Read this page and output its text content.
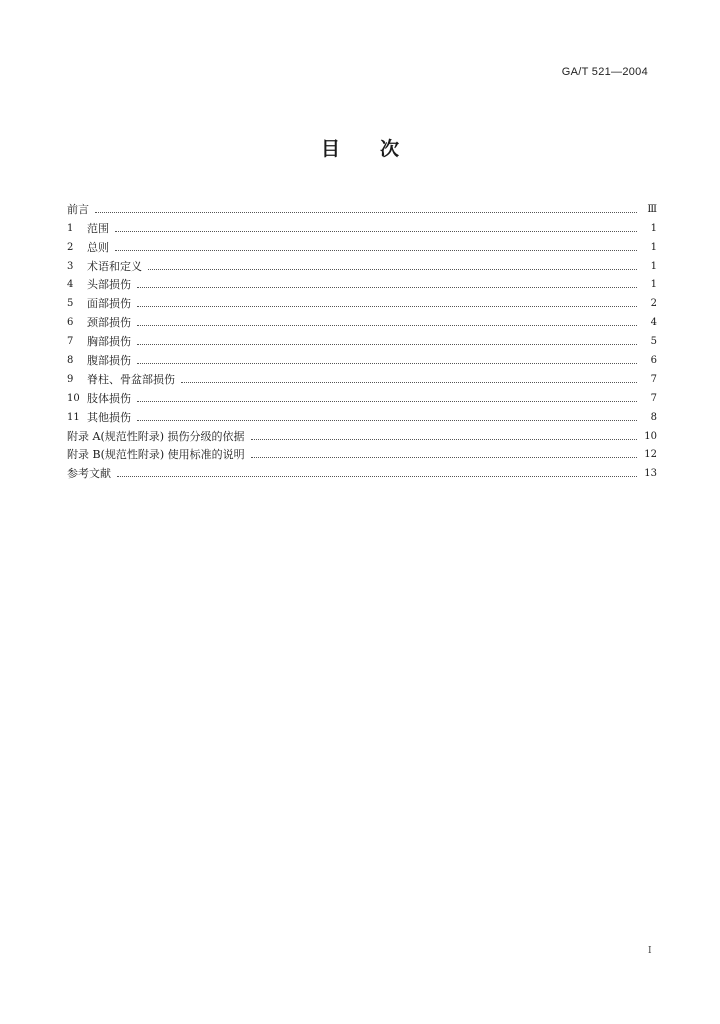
GA/T 521—2004
目 次
前言	Ⅲ
1	范围	1
2	总则	1
3	术语和定义	1
4	头部损伤	1
5	面部损伤	2
6	颈部损伤	4
7	胸部损伤	5
8	腹部损伤	6
9	脊柱、骨盆部损伤	7
10 肢体损伤	7
11 其他损伤	8
附录 A(规范性附录) 损伤分级的依据	10
附录 B(规范性附录) 使用标准的说明	12
参考文献	13
Ⅰ
